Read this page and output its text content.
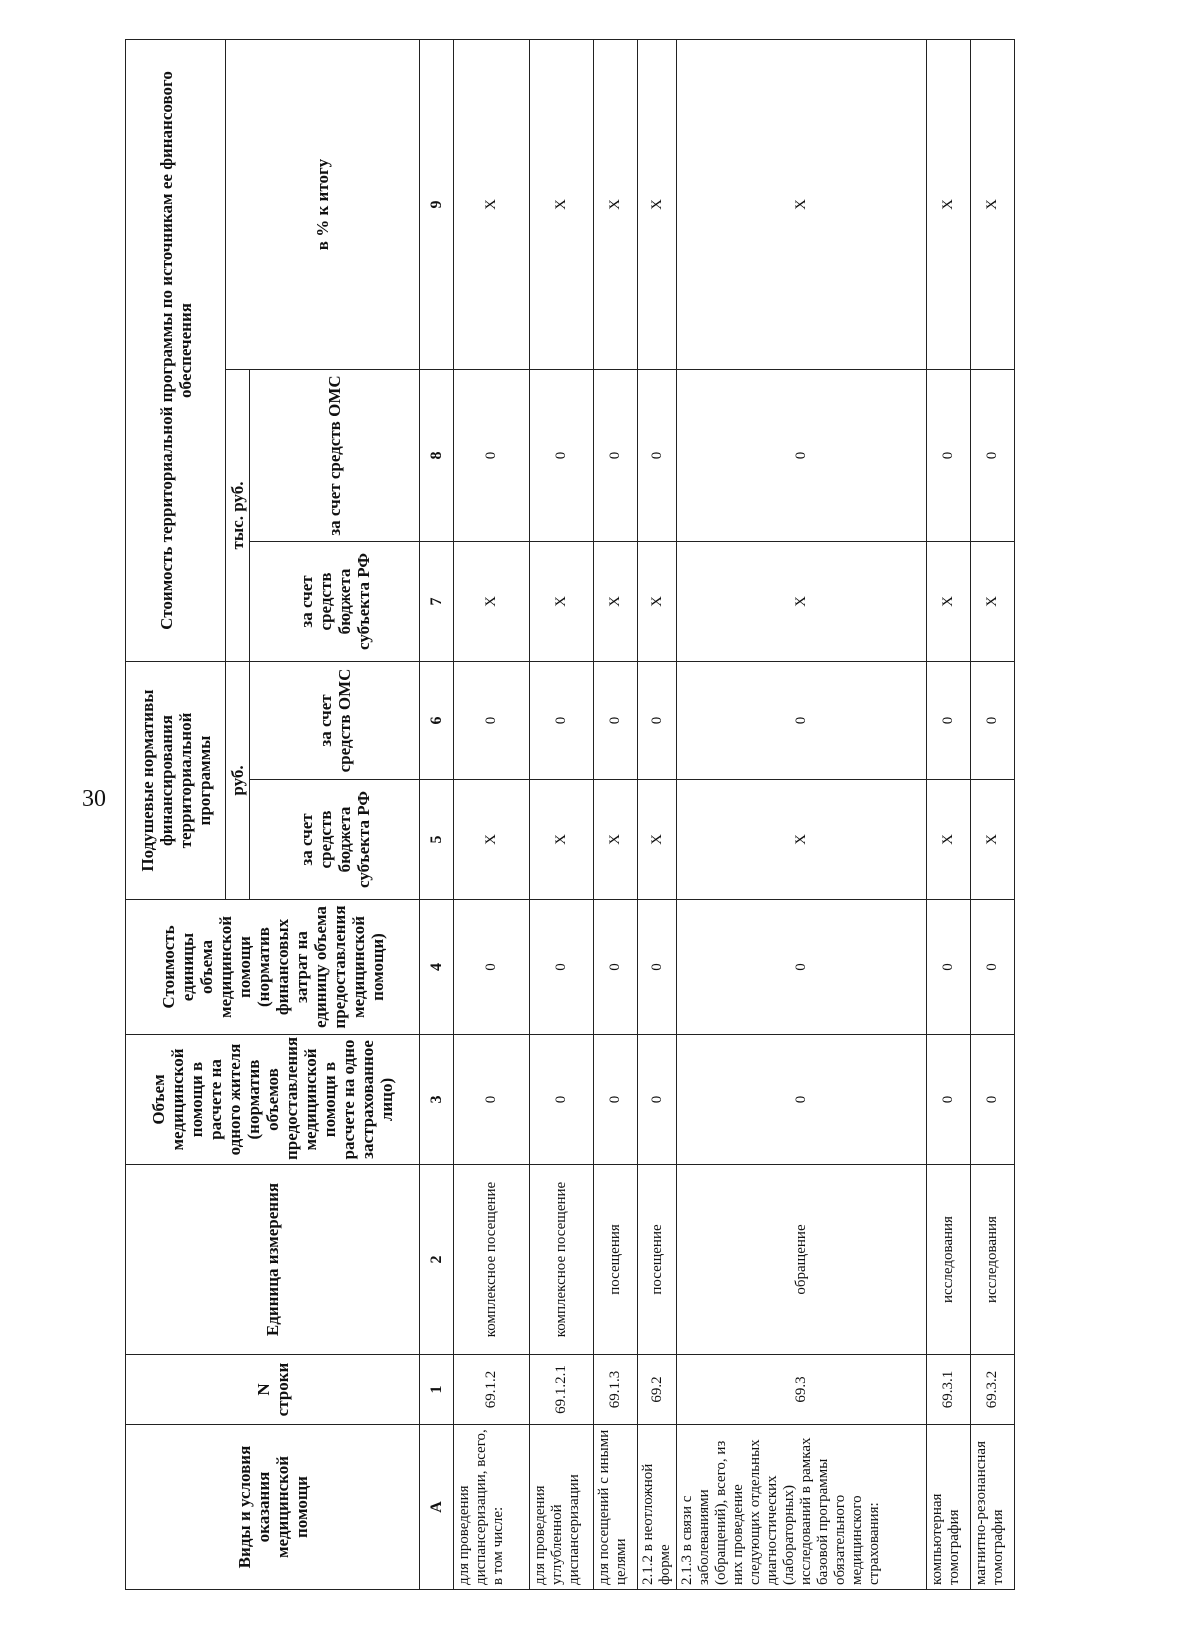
30
Виды и условия оказания медицинской помощи	N строки	Единица измерения	Объем медицинской помощи в расчете на одного жителя (норматив объемов предоставления медицинской помощи в расчете на одно застрахованное лицо)	Стоимость единицы объема медицинской помощи (норматив финансовых затрат на единицу объема предоставления медицинской помощи)	Подушевые нормативы финансирования территориальной программы		Стоимость территориальной программы по источникам ее финансового обеспечения		
					руб.		тыс. руб.		в % к итогу
					за счет средств бюджета субъекта РФ	за счет средств ОМС	за счет средств бюджета субъекта РФ	за счет средств ОМС	
А	1	2	3	4	5	6	7	8	9
для проведения диспансеризации, всего, в том числе:	69.1.2	комплексное посещение	0	0	X	0	X	0	X
для проведения углубленной диспансеризации	69.1.2.1	комплексное посещение	0	0	X	0	X	0	X
для посещений с иными целями	69.1.3	посещения	0	0	X	0	X	0	X
2.1.2 в неотложной форме	69.2	посещение	0	0	X	0	X	0	X
2.1.3 в связи с заболеваниями (обращений), всего, из них проведение следующих отдельных диагностических (лабораторных) исследований в рамках базовой программы обязательного медицинского страхования:	69.3	обращение	0	0	X	0	X	0	X
компьютерная томография	69.3.1	исследования	0	0	X	0	X	0	X
магнитно-резонансная томография	69.3.2	исследования	0	0	X	0	X	0	X
